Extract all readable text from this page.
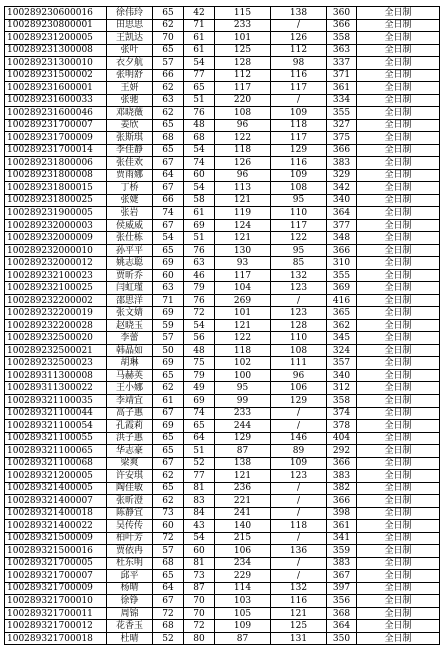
100289230600016	徐伟玲	65	42	115	138	360	全日制
100289230800001	田思思	62	71	233	/	366	全日制
100289231200005	王凯达	70	61	101	126	358	全日制
100289231300008	张叶	65	61	125	112	363	全日制
100289231300010	衣夕航	57	54	128	98	337	全日制
100289231500002	张明舒	66	77	112	116	371	全日制
100289231600001	王妍	62	65	117	117	361	全日制
100289231600033	张驰	63	51	220	/	334	全日制
100289231600046	邓晓薇	62	76	108	109	355	全日制
100289231700007	姜欣	65	48	96	118	327	全日制
100289231700009	张斯琪	68	68	122	117	375	全日制
100289231700014	李佳静	65	54	118	129	366	全日制
100289231800006	张佳欢	67	74	126	116	383	全日制
100289231800008	贾雨娜	64	60	96	109	329	全日制
100289231800015	丁桥	67	54	113	108	342	全日制
100289231800025	张婕	66	58	121	95	340	全日制
100289231900005	张岩	74	61	119	110	364	全日制
100289232000003	侯威威	67	69	124	117	377	全日制
100289232000009	张仕栋	54	51	121	122	348	全日制
100289232000010	孙平平	65	76	130	95	366	全日制
100289232000012	姚志聪	69	63	93	85	310	全日制
100289232100023	贾昕乔	60	46	117	132	355	全日制
100289232100025	闫虹瑾	63	79	104	123	369	全日制
100289232200002	邵思洋	71	76	269	/	416	全日制
100289232200019	张文婧	69	72	101	123	365	全日制
100289232200028	赵晓玉	59	54	121	128	362	全日制
100289232500020	李蕾	57	56	122	110	345	全日制
100289232500021	韩晶如	50	48	118	108	324	全日制
100289232500023	胡琳	69	75	102	111	357	全日制
100289311300008	马赫英	65	79	100	96	340	全日制
100289311300022	王小娜	62	49	95	106	312	全日制
100289321100035	李靖宜	61	69	99	129	358	全日制
100289321100044	高子惠	67	74	233	/	374	全日制
100289321100054	孔霞莉	69	65	244	/	378	全日制
100289321100055	洪子惠	65	64	129	146	404	全日制
100289321100065	华志豪	65	51	87	89	292	全日制
100289321100068	梁爽	67	52	138	109	366	全日制
100289321200005	许安琪	62	77	121	123	383	全日制
100289321400005	陶佳敏	65	81	236	/	382	全日制
100289321400007	张昕澄	62	83	221	/	366	全日制
100289321400018	陈静宜	73	84	241	/	398	全日制
100289321400022	吴传传	60	43	140	118	361	全日制
100289321500009	柏叶芳	72	54	215	/	341	全日制
100289321500016	贾依冉	57	60	106	136	359	全日制
100289321700005	杜东明	68	81	234	/	383	全日制
100289321700007	邱平	65	73	229	/	367	全日制
100289321700009	杨晴	64	87	114	132	397	全日制
100289321700010	徐铮	67	70	103	116	356	全日制
100289321700011	周锦	72	70	105	121	368	全日制
100289321700012	花香玉	68	72	109	125	364	全日制
100289321700018	杜晴	52	80	87	131	350	全日制
